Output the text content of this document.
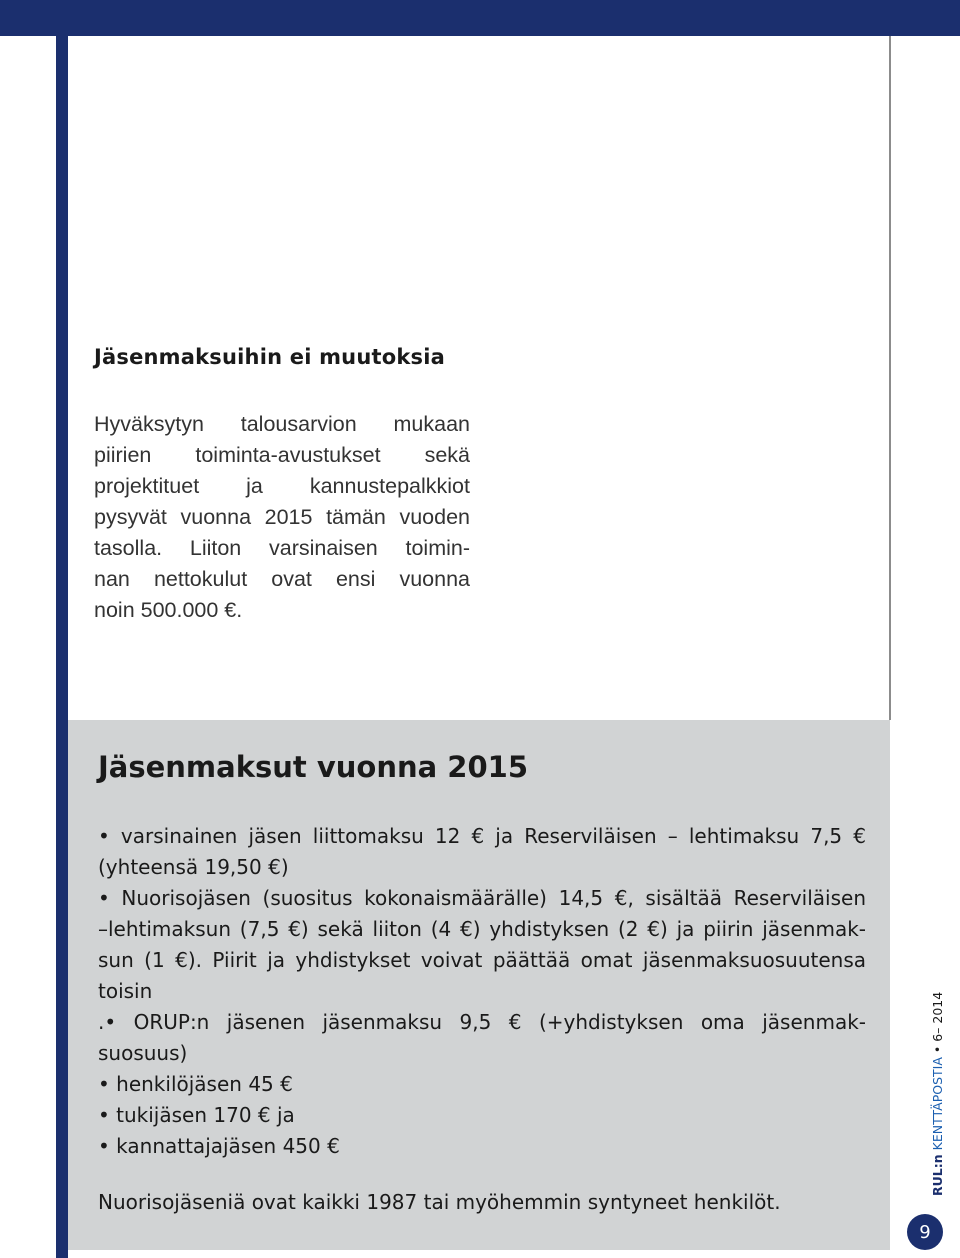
Jäsenmaksuihin ei muutoksia
Hyväksytyn talousarvion mukaan
piirien toiminta-avustukset sekä
projektituet ja kannustepalkkiot
pysyvät vuonna 2015 tämän vuoden
tasolla. Liiton varsinaisen toimin-
nan nettokulut ovat ensi vuonna
noin 500.000 €.
Jäsenmaksut vuonna 2015
• varsinainen jäsen liittomaksu 12 € ja Reserviläisen – lehtimaksu 7,5 €
(yhteensä 19,50 €)
• Nuorisojäsen (suositus kokonaismäärälle) 14,5 €, sisältää Reserviläisen
–lehtimaksun (7,5 €) sekä liiton (4 €) yhdistyksen (2 €) ja piirin jäsenmak-
sun (1 €). Piirit ja yhdistykset voivat päättää omat jäsenmaksuosuutensa
toisin
.• ORUP:n jäsenen jäsenmaksu 9,5 € (+yhdistyksen oma jäsenmak-
suosuus)
• henkilöjäsen 45 €
• tukijäsen 170 € ja
• kannattajajäsen 450 €
Nuorisojäseniä ovat kaikki 1987 tai myöhemmin syntyneet henkilöt.
RUL:n KENTTÄPOSTIA • 6– 2014
9
